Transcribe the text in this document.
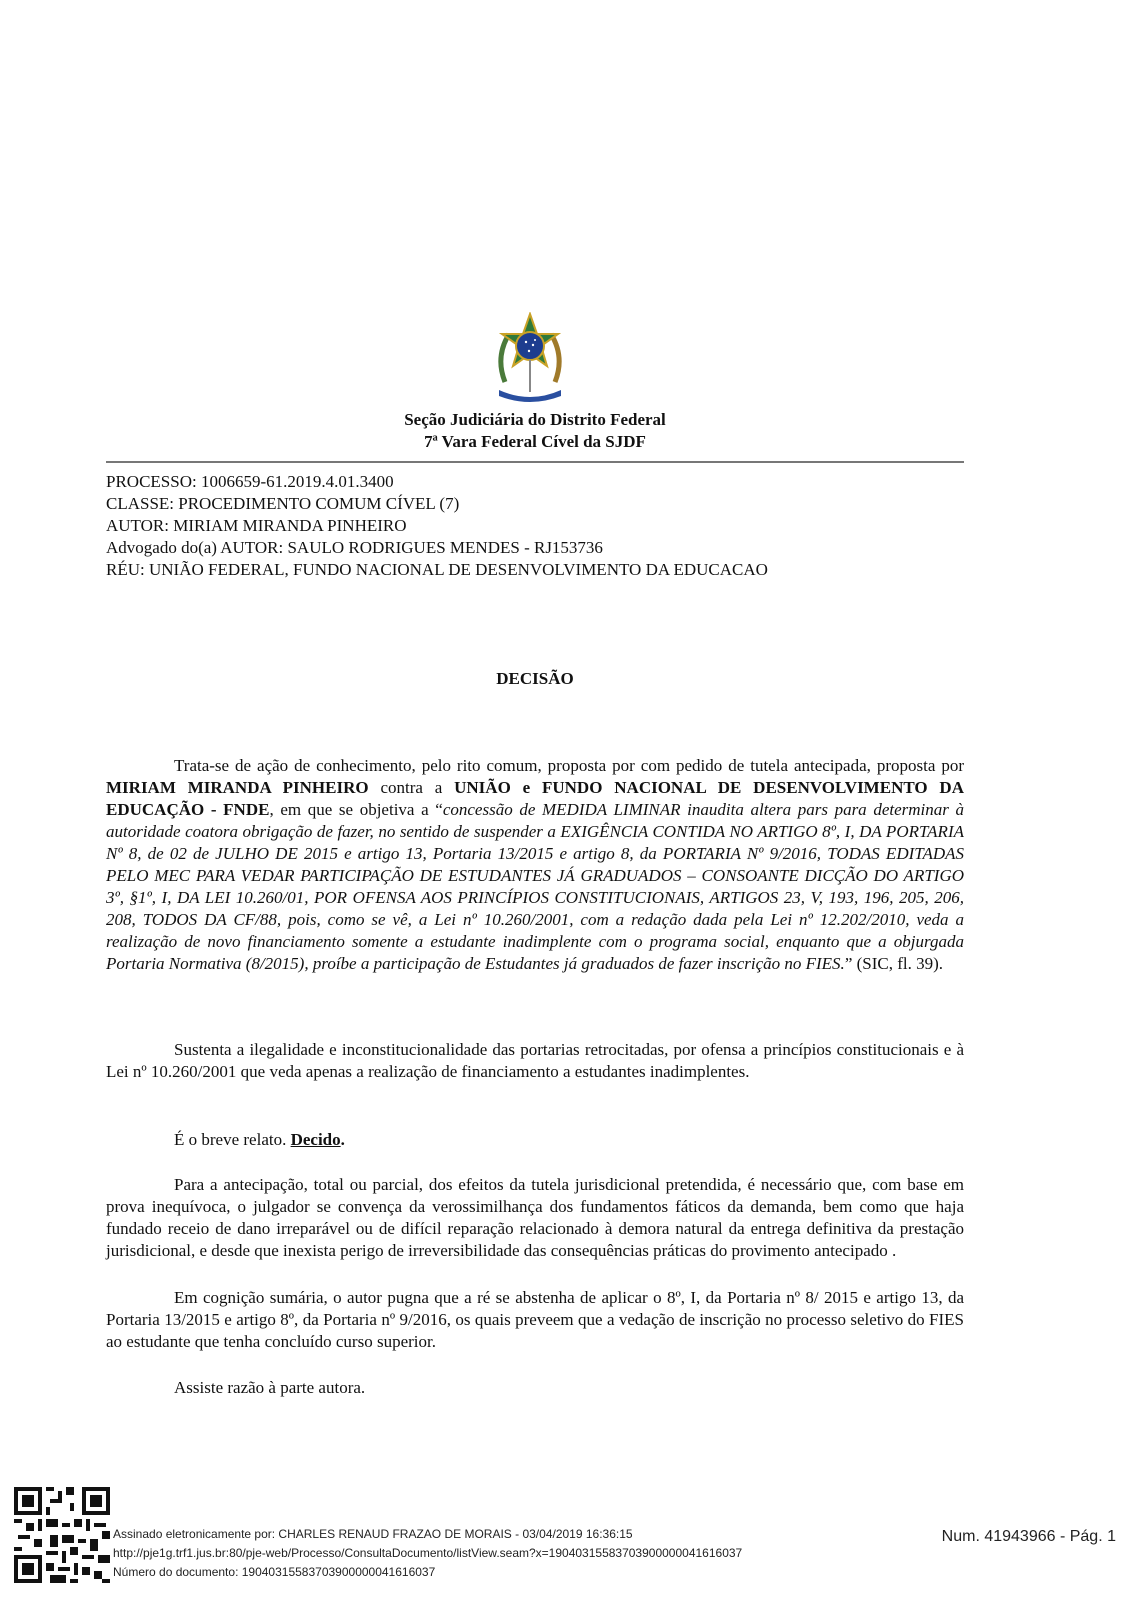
Seção Judiciária do Distrito Federal
7ª Vara Federal Cível da SJDF
PROCESSO: 1006659-61.2019.4.01.3400
CLASSE: PROCEDIMENTO COMUM CÍVEL (7)
AUTOR: MIRIAM MIRANDA PINHEIRO
Advogado do(a) AUTOR: SAULO RODRIGUES MENDES - RJ153736
RÉU: UNIÃO FEDERAL, FUNDO NACIONAL DE DESENVOLVIMENTO DA EDUCACAO
DECISÃO

Trata-se de ação de conhecimento, pelo rito comum, proposta por com pedido de tutela antecipada, proposta por MIRIAM MIRANDA PINHEIRO contra a UNIÃO e FUNDO NACIONAL DE DESENVOLVIMENTO DA EDUCAÇÃO - FNDE, em que se objetiva a “concessão de MEDIDA LIMINAR inaudita altera pars para determinar à autoridade coatora obrigação de fazer, no sentido de suspender a EXIGÊNCIA CONTIDA NO ARTIGO 8º, I, DA PORTARIA Nº 8, de 02 de JULHO DE 2015 e artigo 13, Portaria 13/2015 e artigo 8, da PORTARIA Nº 9/2016, TODAS EDITADAS PELO MEC PARA VEDAR PARTICIPAÇÃO DE ESTUDANTES JÁ GRADUADOS – CONSOANTE DICÇÃO DO ARTIGO 3º, §1º, I, DA LEI 10.260/01, POR OFENSA AOS PRINCÍPIOS CONSTITUCIONAIS, ARTIGOS 23, V, 193, 196, 205, 206, 208, TODOS DA CF/88, pois, como se vê, a Lei nº 10.260/2001, com a redação dada pela Lei nº 12.202/2010, veda a realização de novo financiamento somente a estudante inadimplente com o programa social, enquanto que a objurgada Portaria Normativa (8/2015), proíbe a participação de Estudantes já graduados de fazer inscrição no FIES.” (SIC, fl. 39).

Sustenta a ilegalidade e inconstitucionalidade das portarias retrocitadas, por ofensa a princípios constitucionais e à Lei nº 10.260/2001 que veda apenas a realização de financiamento a estudantes inadimplentes.

É o breve relato. Decido.

Para a antecipação, total ou parcial, dos efeitos da tutela jurisdicional pretendida, é necessário que, com base em prova inequívoca, o julgador se convença da verossimilhança dos fundamentos fáticos da demanda, bem como que haja fundado receio de dano irreparável ou de difícil reparação relacionado à demora natural da entrega definitiva da prestação jurisdicional, e desde que inexista perigo de irreversibilidade das consequências práticas do provimento antecipado .

Em cognição sumária, o autor pugna que a ré se abstenha de aplicar o 8º, I, da Portaria nº 8/ 2015 e artigo 13, da Portaria 13/2015 e artigo 8º, da Portaria nº 9/2016, os quais preveem que a vedação de inscrição no processo seletivo do FIES ao estudante que tenha concluído curso superior.

Assiste razão à parte autora.

Assinado eletronicamente por: CHARLES RENAUD FRAZAO DE MORAIS - 03/04/2019 16:36:15
http://pje1g.trf1.jus.br:80/pje-web/Processo/ConsultaDocumento/listView.seam?x=19040315583703900000041616037
Número do documento: 19040315583703900000041616037
Num. 41943966 - Pág. 1
